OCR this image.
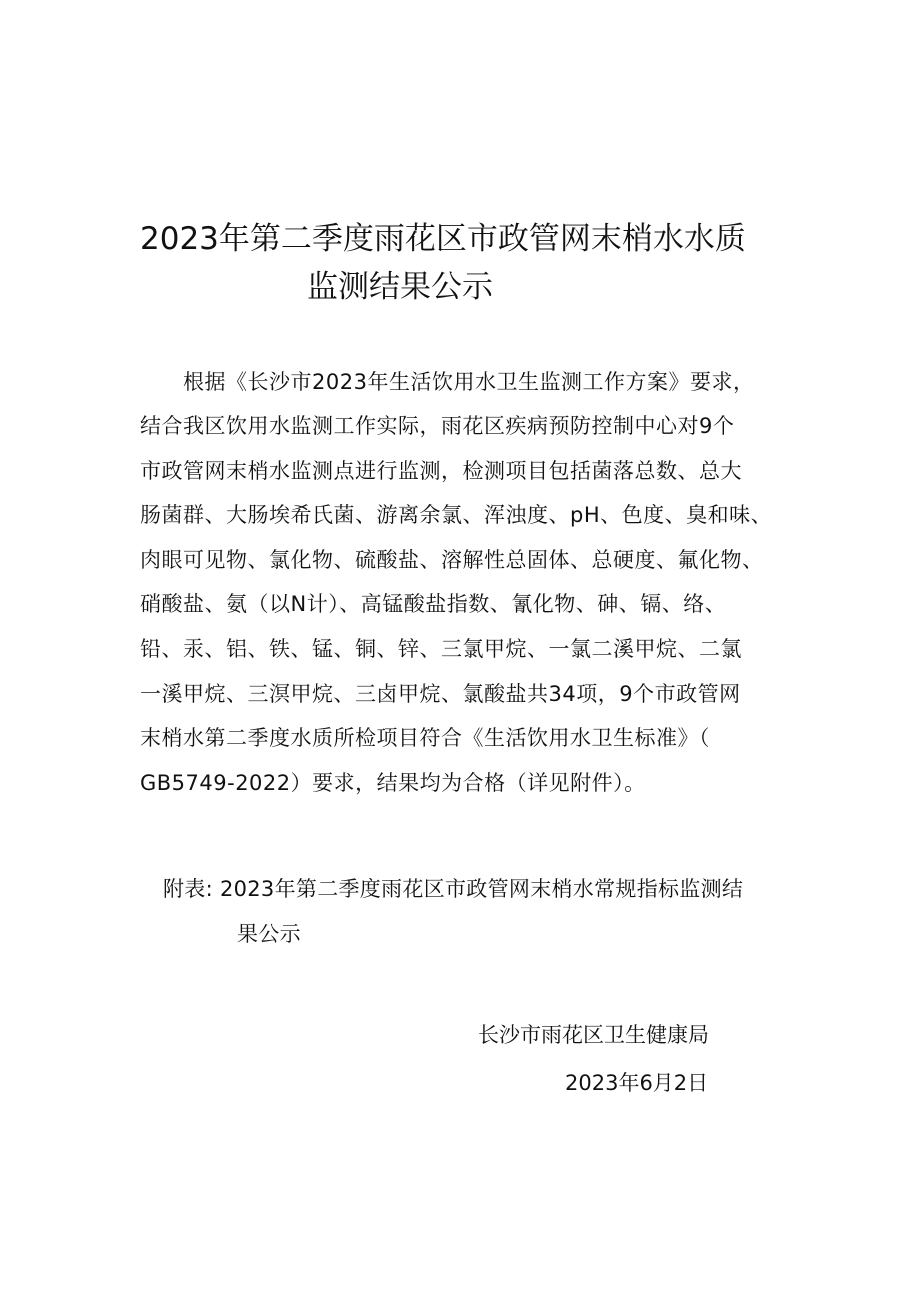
2023年第二季度雨花区市政管网末梢水水质
监测结果公示
根据《长沙市2023年生活饮用水卫生监测工作方案》要求，
结合我区饮用水监测工作实际，雨花区疾病预防控制中心对9个
市政管网末梢水监测点进行监测，检测项目包括菌落总数、总大
肠菌群、大肠埃希氏菌、游离余氯、浑浊度、pH、色度、臭和味、
肉眼可见物、氯化物、硫酸盐、溶解性总固体、总硬度、氟化物、
硝酸盐、氨（以N计）、高锰酸盐指数、氰化物、砷、镉、络、
铅、汞、铝、铁、锰、铜、锌、三氯甲烷、一氯二溪甲烷、二氯
一溪甲烷、三溟甲烷、三卤甲烷、氯酸盐共34项，9个市政管网
末梢水第二季度水质所检项目符合《生活饮用水卫生标准》（
GB5749-2022）要求，结果均为合格（详见附件）。
附表: 2023年第二季度雨花区市政管网末梢水常规指标监测结
果公示
长沙市雨花区卫生健康局
2023年6月2日
